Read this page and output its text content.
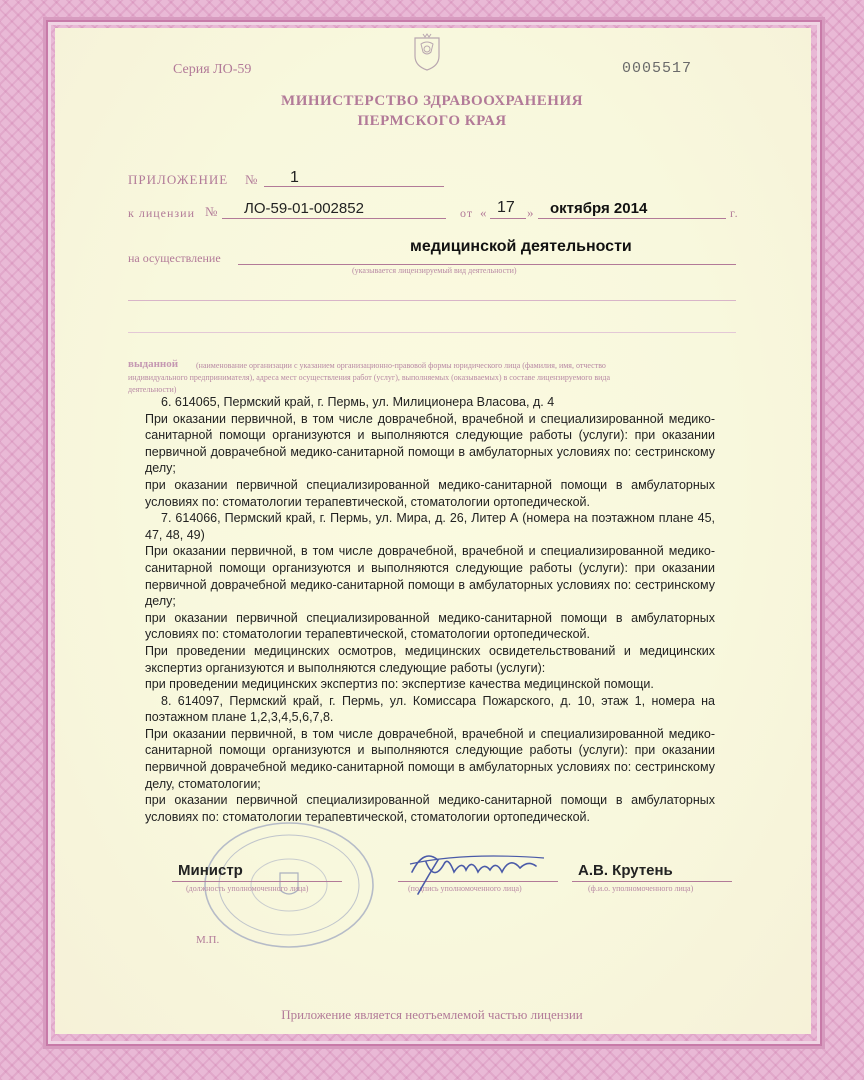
Серия ЛО-59	0005517
МИНИСТЕРСТВО ЗДРАВООХРАНЕНИЯ
ПЕРМСКОГО КРАЯ
ПРИЛОЖЕНИЕ № 1
к лицензии № ЛО-59-01-002852	от « 17 » октября 2014	г.
на осуществление
медицинской деятельности
(указывается лицензируемый вид деятельности)
выданной (наименование организации с указанием организационно-правовой формы юридического лица (фамилия, имя, отчество
индивидуального предпринимателя), адреса мест осуществления работ (услуг), выполняемых (оказываемых) в составе лицензируемого вида
деятельности)

6. 614065, Пермский край, г. Пермь, ул. Милиционера Власова, д. 4

При оказании первичной, в том числе доврачебной, врачебной и специализированной медико-санитарной помощи организуются и выполняются следующие работы (услуги): при оказании первичной доврачебной медико-санитарной помощи в амбулаторных условиях по: сестринскому делу;

при оказании первичной специализированной медико-санитарной помощи в амбулаторных условиях по: стоматологии терапевтической, стоматологии ортопедической.

7. 614066, Пермский край, г. Пермь, ул. Мира, д. 26, Литер А (номера на поэтажном плане 45, 47, 48, 49)

При оказании первичной, в том числе доврачебной, врачебной и специализированной медико-санитарной помощи организуются и выполняются следующие работы (услуги): при оказании первичной доврачебной медико-санитарной помощи в амбулаторных условиях по: сестринскому делу;

при оказании первичной специализированной медико-санитарной помощи в амбулаторных условиях по: стоматологии терапевтической, стоматологии ортопедической.

При проведении медицинских осмотров, медицинских освидетельствований и медицинских экспертиз организуются и выполняются следующие работы (услуги):

при проведении медицинских экспертиз по: экспертизе качества медицинской помощи.

8. 614097, Пермский край, г. Пермь, ул. Комиссара Пожарского, д. 10, этаж 1, номера на поэтажном плане 1,2,3,4,5,6,7,8.

При оказании первичной, в том числе доврачебной, врачебной и специализированной медико-санитарной помощи организуются и выполняются следующие работы (услуги): при оказании первичной доврачебной медико-санитарной помощи в амбулаторных условиях по: сестринскому делу, стоматологии;

при оказании первичной специализированной медико-санитарной помощи в амбулаторных условиях по: стоматологии терапевтической, стоматологии ортопедической.

Министр
(должность уполномоченного лица)	(подпись уполномоченного лица)
А.В. Крутень
(ф.и.о. уполномоченного лица)
М.П.
Приложение является неотъемлемой частью лицензии
